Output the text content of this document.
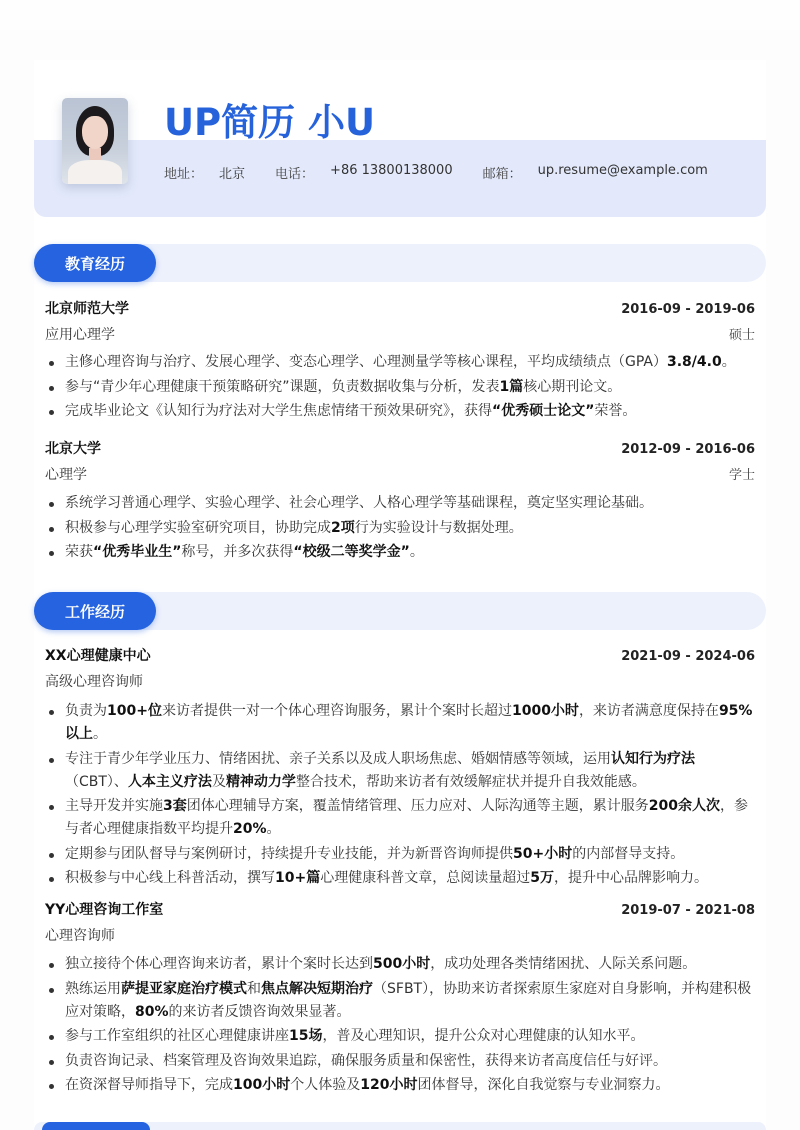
UP简历 小U
地址： 北京 电话： +86 13800138000 邮箱： up.resume@example.com
教育经历
北京师范大学	2016-09 - 2019-06
应用心理学	硕士
主修心理咨询与治疗、发展心理学、变态心理学、心理测量学等核心课程，平均成绩绩点（GPA）3.8/4.0。
参与“青少年心理健康干预策略研究”课题，负责数据收集与分析，发表1篇核心期刊论文。
完成毕业论文《认知行为疗法对大学生焦虑情绪干预效果研究》，获得“优秀硕士论文”荣誉。
北京大学	2012-09 - 2016-06
心理学	学士
系统学习普通心理学、实验心理学、社会心理学、人格心理学等基础课程，奠定坚实理论基础。
积极参与心理学实验室研究项目，协助完成2项行为实验设计与数据处理。
荣获“优秀毕业生”称号，并多次获得“校级二等奖学金”。
工作经历
XX心理健康中心	2021-09 - 2024-06
高级心理咨询师
负责为100+位来访者提供一对一个体心理咨询服务，累计个案时长超过1000小时，来访者满意度保持在95%以上。
专注于青少年学业压力、情绪困扰、亲子关系以及成人职场焦虑、婚姻情感等领域，运用认知行为疗法（CBT）、人本主义疗法及精神动力学整合技术，帮助来访者有效缓解症状并提升自我效能感。
主导开发并实施3套团体心理辅导方案，覆盖情绪管理、压力应对、人际沟通等主题，累计服务200余人次，参与者心理健康指数平均提升20%。
定期参与团队督导与案例研讨，持续提升专业技能，并为新晋咨询师提供50+小时的内部督导支持。
积极参与中心线上科普活动，撰写10+篇心理健康科普文章，总阅读量超过5万，提升中心品牌影响力。
YY心理咨询工作室	2019-07 - 2021-08
心理咨询师
独立接待个体心理咨询来访者，累计个案时长达到500小时，成功处理各类情绪困扰、人际关系问题。
熟练运用萨提亚家庭治疗模式和焦点解决短期治疗（SFBT），协助来访者探索原生家庭对自身影响，并构建积极应对策略，80%的来访者反馈咨询效果显著。
参与工作室组织的社区心理健康讲座15场，普及心理知识，提升公众对心理健康的认知水平。
负责咨询记录、档案管理及咨询效果追踪，确保服务质量和保密性，获得来访者高度信任与好评。
在资深督导师指导下，完成100小时个人体验及120小时团体督导，深化自我觉察与专业洞察力。
